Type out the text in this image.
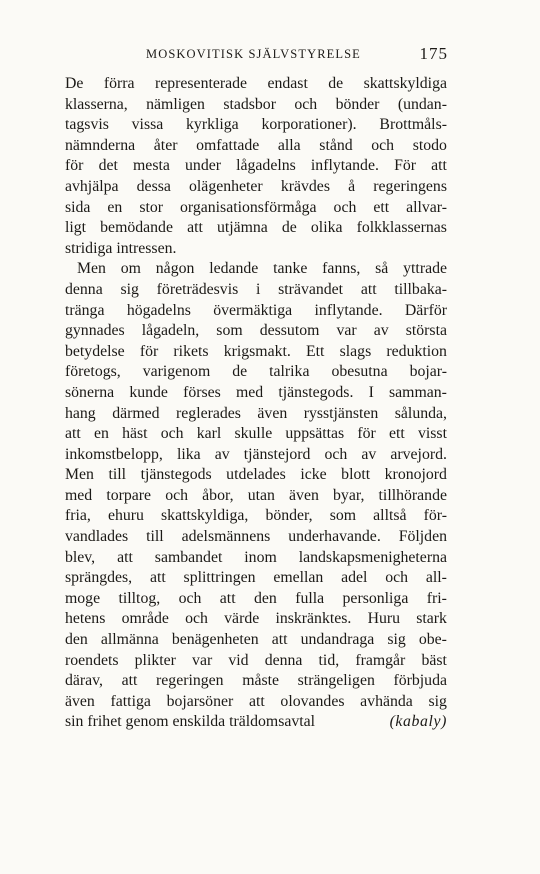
MOSKOVITISK SJÄLVSTYRELSE	175
De förra representerade endast de skattskyldiga
klasserna, nämligen stadsbor och bönder (undan-
tagsvis vissa kyrkliga korporationer). Brottmåls-
nämnderna åter omfattade alla stånd och stodo
för det mesta under lågadelns inflytande. För att
avhjälpa dessa olägenheter krävdes å regeringens
sida en stor organisationsförmåga och ett allvar-
ligt bemödande att utjämna de olika folkklassernas
stridiga intressen.
Men om någon ledande tanke fanns, så yttrade
denna sig företrädesvis i strävandet att tillbaka-
tränga högadelns övermäktiga inflytande. Därför
gynnades lågadeln, som dessutom var av största
betydelse för rikets krigsmakt. Ett slags reduktion
företogs, varigenom de talrika obesutna bojar-
sönerna kunde förses med tjänstegods. I samman-
hang därmed reglerades även rysstjänsten sålunda,
att en häst och karl skulle uppsättas för ett visst
inkomstbelopp, lika av tjänstejord och av arvejord.
Men till tjänstegods utdelades icke blott kronojord
med torpare och åbor, utan även byar, tillhörande
fria, ehuru skattskyldiga, bönder, som alltså för-
vandlades till adelsmännens underhavande. Följden
blev, att sambandet inom landskapsmenigheterna
sprängdes, att splittringen emellan adel och all-
moge tilltog, och att den fulla personliga fri-
hetens område och värde inskränktes. Huru stark
den allmänna benägenheten att undandraga sig obe-
roendets plikter var vid denna tid, framgår bäst
därav, att regeringen måste strängeligen förbjuda
även fattiga bojarsöner att olovandes avhända sig
sin frihet genom enskilda träldomsavtal	(kabaly)
